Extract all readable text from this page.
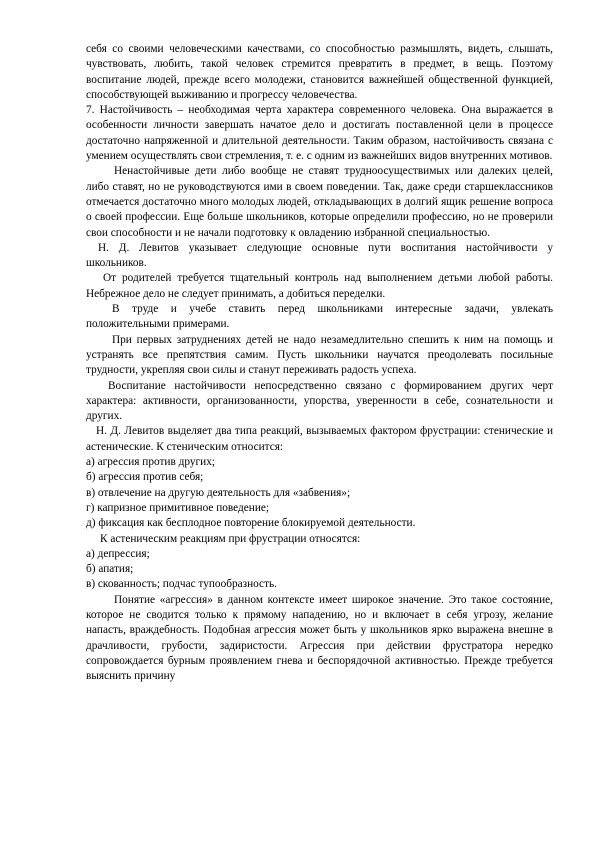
себя со своими человеческими качествами, со способностью размышлять, видеть, слышать, чувствовать, любить, такой человек стремится превратить в предмет, в вещь. Поэтому воспитание людей, прежде всего молодежи, становится важнейшей общественной функцией, способствующей выживанию и прогрессу человечества.

7. Настойчивость – необходимая черта характера современного человека. Она выражается в особенности личности завершать начатое дело и достигать поставленной цели в процессе достаточно напряженной и длительной деятельности. Таким образом, настойчивость связана с умением осуществлять свои стремления, т. е. с одним из важнейших видов внутренних мотивов.

Ненастойчивые дети либо вообще не ставят трудноосуществимых или далеких целей, либо ставят, но не руководствуются ими в своем поведении. Так, даже среди старшеклассников отмечается достаточно много молодых людей, откладывающих в долгий ящик решение вопроса о своей профессии. Еще больше школьников, которые определили профессию, но не проверили свои способности и не начали подготовку к овладению избранной специальностью.

Н. Д. Левитов указывает следующие основные пути воспитания настойчивости у школьников.

От родителей требуется тщательный контроль над выполнением детьми любой работы. Небрежное дело не следует принимать, а добиться переделки.

В труде и учебе ставить перед школьниками интересные задачи, увлекать положительными примерами.

При первых затруднениях детей не надо незамедлительно спешить к ним на помощь и устранять все препятствия самим. Пусть школьники научатся преодолевать посильные трудности, укрепляя свои силы и станут переживать радость успеха.

Воспитание настойчивости непосредственно связано с формированием других черт характера: активности, организованности, упорства, уверенности в себе, сознательности и других.

Н. Д. Левитов выделяет два типа реакций, вызываемых фактором фрустрации: стенические и астенические. К стеническим относится:

а) агрессия против других;

б) агрессия против себя;

в) отвлечение на другую деятельность для «забвения»;

г) капризное примитивное поведение;

д) фиксация как бесплодное повторение блокируемой деятельности.

К астеническим реакциям при фрустрации относятся:

а) депрессия;

б) апатия;

в) скованность; подчас тупообразность.

Понятие «агрессия» в данном контексте имеет широкое значение. Это такое состояние, которое не сводится только к прямому нападению, но и включает в себя угрозу, желание напасть, враждебность. Подобная агрессия может быть у школьников ярко выражена внешне в драчливости, грубости, задиристости. Агрессия при действии фрустратора нередко сопровождается бурным проявлением гнева и беспорядочной активностью. Прежде требуется выяснить причину
